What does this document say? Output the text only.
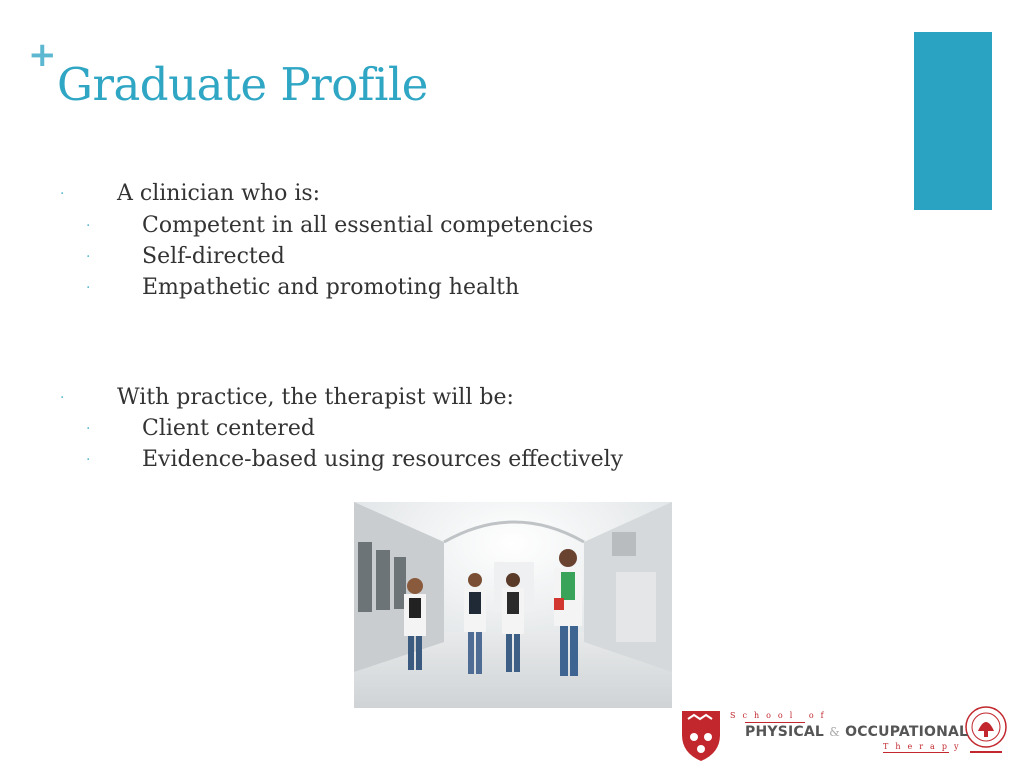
+
Graduate Profile
· A clinician who is:
· Competent in all essential competencies
· Self-directed
· Empathetic and promoting health
· With practice, the therapist will be:
· Client centered
· Evidence-based using resources effectively
School of
PHYSICAL & OCCUPATIONAL
Therapy
